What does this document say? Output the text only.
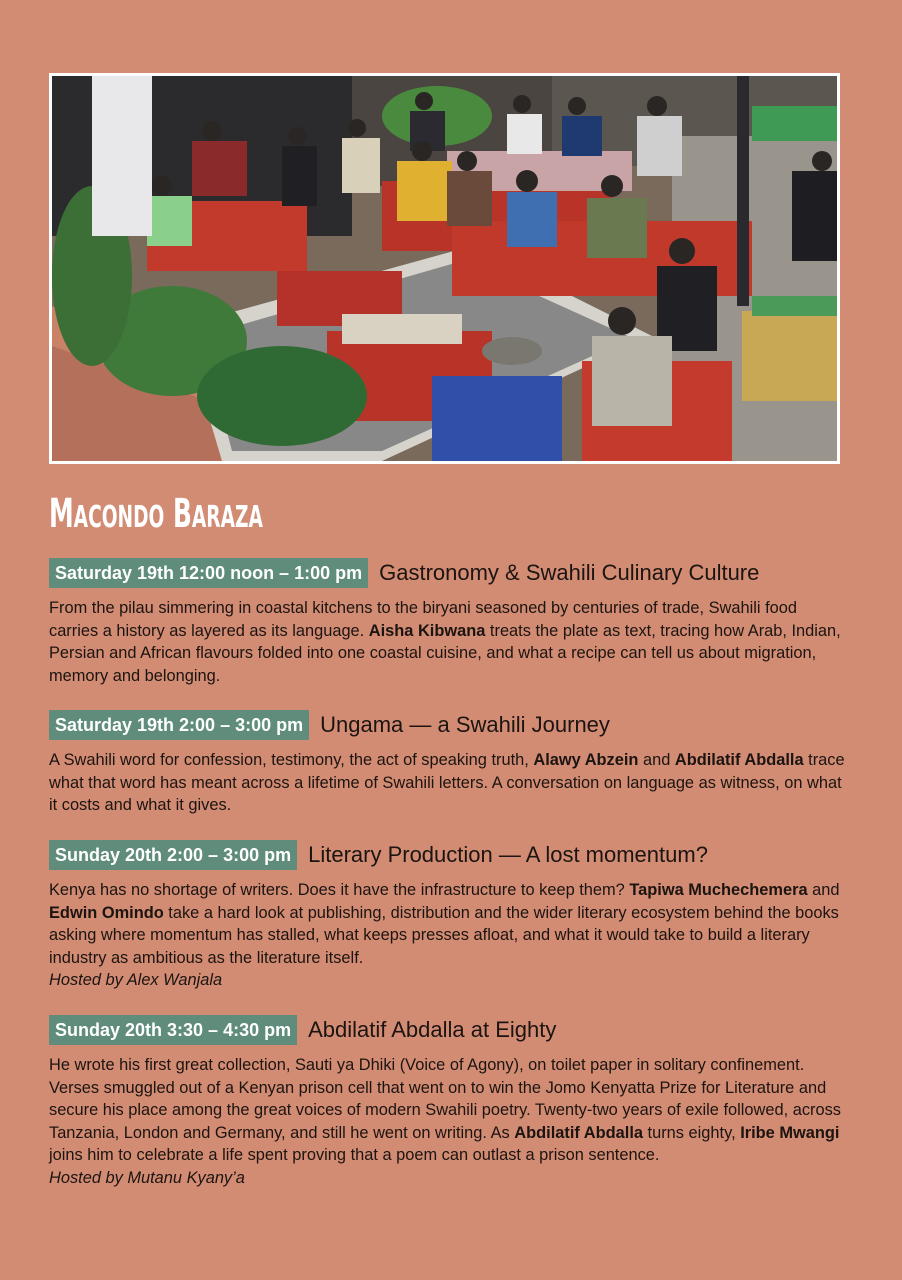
MACONDO BARAZA
Saturday 19th 12:00 noon – 1:00 pm Gastronomy & Swahili Culinary Culture

From the pilau simmering in coastal kitchens to the biryani seasoned by centuries of trade, Swahili food carries a history as layered as its language. Aisha Kibwana treats the plate as text, tracing how Arab, Indian, Persian and African flavours folded into one coastal cuisine, and what a recipe can tell us about migration, memory and belonging.

Saturday 19th 2:00 – 3:00 pm Ungama — a Swahili Journey

A Swahili word for confession, testimony, the act of speaking truth, Alawy Abzein and Abdilatif Abdalla trace what that word has meant across a lifetime of Swahili letters. A conversation on language as witness, on what it costs and what it gives.

Sunday 20th 2:00 – 3:00 pm Literary Production — A lost momentum?

Kenya has no shortage of writers. Does it have the infrastructure to keep them? Tapiwa Muchechemera and Edwin Omindo take a hard look at publishing, distribution and the wider literary ecosystem behind the books asking where momentum has stalled, what keeps presses afloat, and what it would take to build a literary industry as ambitious as the literature itself.

Hosted by Alex Wanjala
Sunday 20th 3:30 – 4:30 pm Abdilatif Abdalla at Eighty

He wrote his first great collection, Sauti ya Dhiki (Voice of Agony), on toilet paper in solitary confinement. Verses smuggled out of a Kenyan prison cell that went on to win the Jomo Kenyatta Prize for Literature and secure his place among the great voices of modern Swahili poetry. Twenty-two years of exile followed, across Tanzania, London and Germany, and still he went on writing. As Abdilatif Abdalla turns eighty, Iribe Mwangi joins him to celebrate a life spent proving that a poem can outlast a prison sentence.

Hosted by Mutanu Kyany’a
